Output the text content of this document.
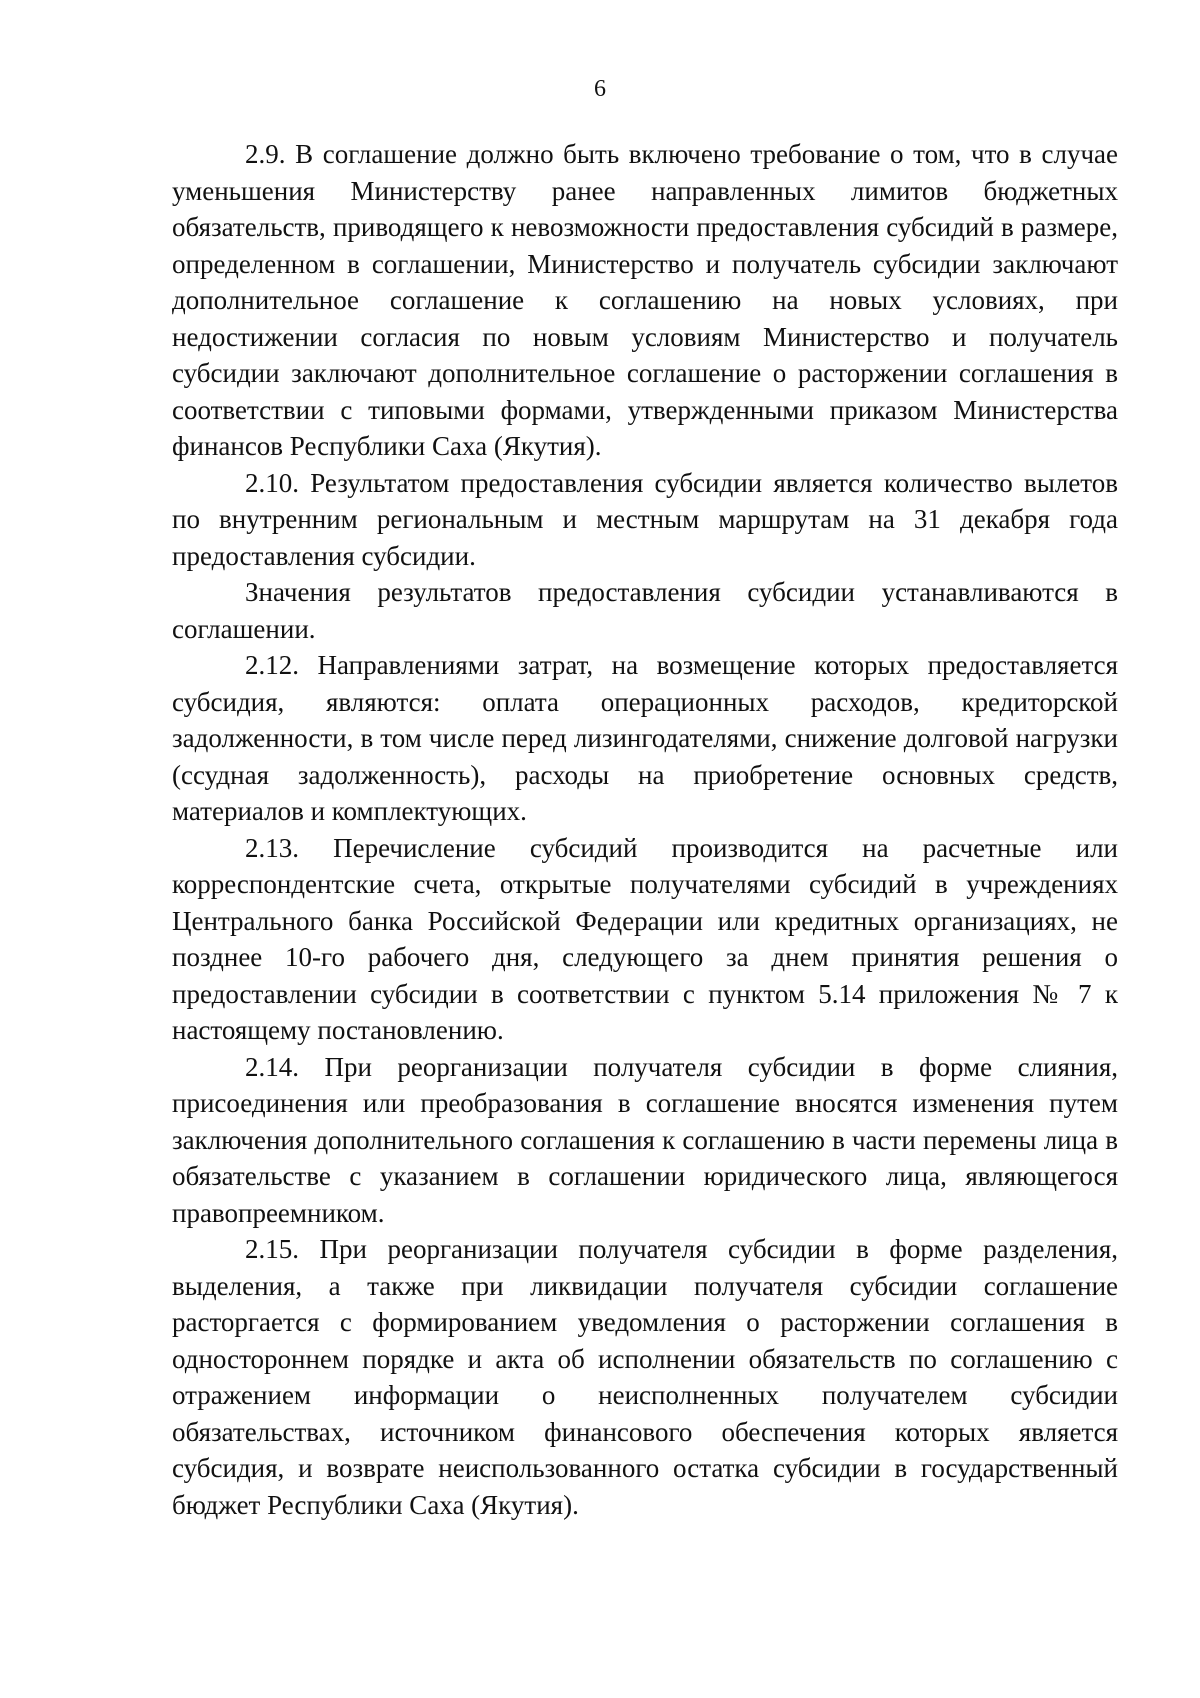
6

2.9. В соглашение должно быть включено требование о том, что в случае уменьшения Министерству ранее направленных лимитов бюджетных обязательств, приводящего к невозможности предоставления субсидий в размере, определенном в соглашении, Министерство и получатель субсидии заключают дополнительное соглашение к соглашению на новых условиях, при недостижении согласия по новым условиям Министерство и получатель субсидии заключают дополнительное соглашение о расторжении соглашения в соответствии с типовыми формами, утвержденными приказом Министерства финансов Республики Саха (Якутия).

2.10. Результатом предоставления субсидии является количество вылетов по внутренним региональным и местным маршрутам на 31 декабря года предоставления субсидии.

Значения результатов предоставления субсидии устанавливаются в соглашении.

2.12. Направлениями затрат, на возмещение которых предоставляется субсидия, являются: оплата операционных расходов, кредиторской задолженности, в том числе перед лизингодателями, снижение долговой нагрузки (ссудная задолженность), расходы на приобретение основных средств, материалов и комплектующих.

2.13. Перечисление субсидий производится на расчетные или корреспондентские счета, открытые получателями субсидий в учреждениях Центрального банка Российской Федерации или кредитных организациях, не позднее 10-го рабочего дня, следующего за днем принятия решения о предоставлении субсидии в соответствии с пунктом 5.14 приложения № 7 к настоящему постановлению.

2.14. При реорганизации получателя субсидии в форме слияния, присоединения или преобразования в соглашение вносятся изменения путем заключения дополнительного соглашения к соглашению в части перемены лица в обязательстве с указанием в соглашении юридического лица, являющегося правопреемником.

2.15. При реорганизации получателя субсидии в форме разделения, выделения, а также при ликвидации получателя субсидии соглашение расторгается с формированием уведомления о расторжении соглашения в одностороннем порядке и акта об исполнении обязательств по соглашению с отражением информации о неисполненных получателем субсидии обязательствах, источником финансового обеспечения которых является субсидия, и возврате неиспользованного остатка субсидии в государственный бюджет Республики Саха (Якутия).
